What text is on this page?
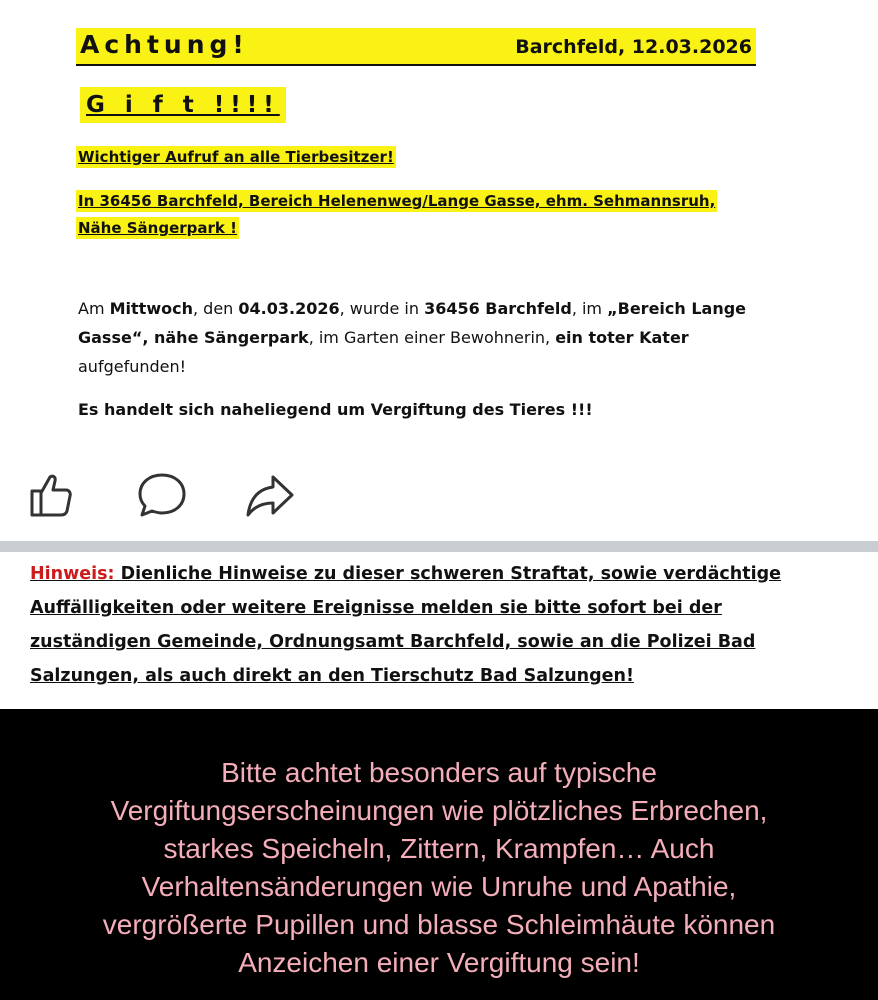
Achtung!	Barchfeld, 12.03.2026
G i f t !!!!
Wichtiger Aufruf an alle Tierbesitzer!
In 36456 Barchfeld, Bereich Helenenweg/Lange Gasse, ehm. Sehmannsruh,
Nähe Sängerpark !
Am Mittwoch, den 04.03.2026, wurde in 36456 Barchfeld, im „Bereich Lange Gasse“, nähe Sängerpark, im Garten einer Bewohnerin, ein toter Kater aufgefunden!
Es handelt sich naheliegend um Vergiftung des Tieres !!!

Hinweis: Dienliche Hinweise zu dieser schweren Straftat, sowie verdächtige

Auffälligkeiten oder weitere Ereignisse melden sie bitte sofort bei der

zuständigen Gemeinde, Ordnungsamt Barchfeld, sowie an die Polizei Bad

Salzungen, als auch direkt an den Tierschutz Bad Salzungen!

Bitte achtet besonders auf typische
Vergiftungserscheinungen wie plötzliches Erbrechen,
starkes Speicheln, Zittern, Krampfen… Auch
Verhaltensänderungen wie Unruhe und Apathie,
vergrößerte Pupillen und blasse Schleimhäute können
Anzeichen einer Vergiftung sein!
